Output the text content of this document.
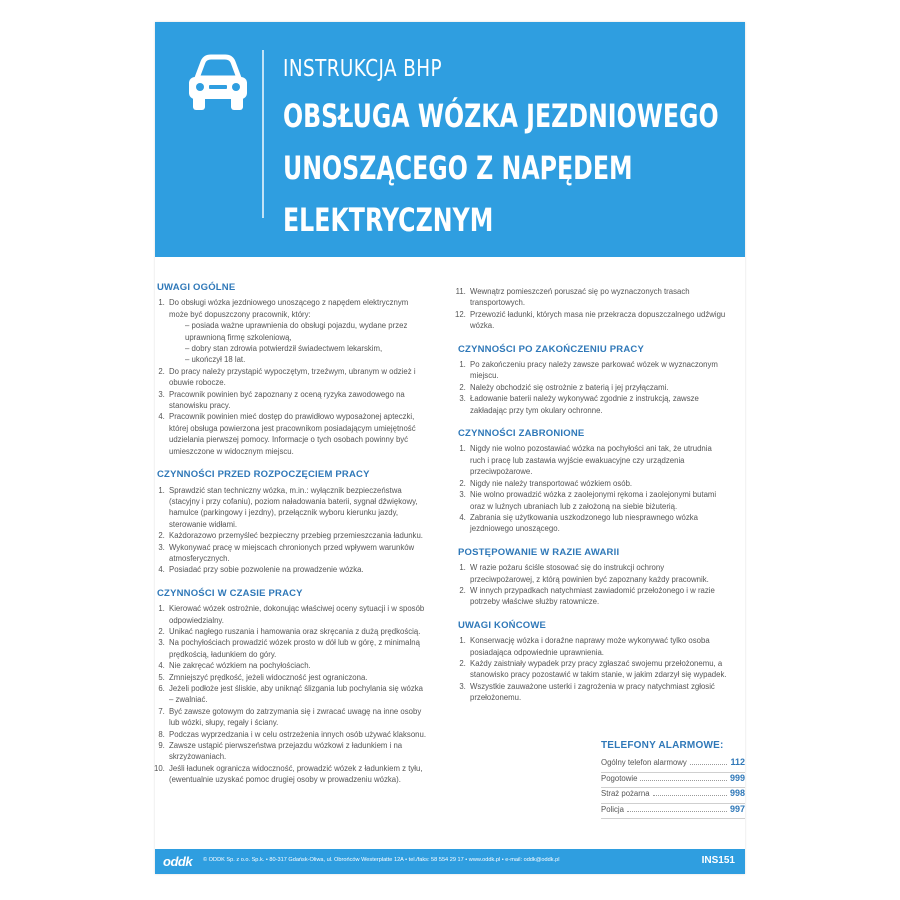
INSTRUKCJA BHP
OBSŁUGA WÓZKA JEZDNIOWEGO
UNOSZĄCEGO Z NAPĘDEM
ELEKTRYCZNYM
UWAGI OGÓLNE
1. Do obsługi wózka jezdniowego unoszącego z napędem elektrycznym może być dopuszczony pracownik, który:
– posiada ważne uprawnienia do obsługi pojazdu, wydane przez uprawnioną firmę szkoleniową,
– dobry stan zdrowia potwierdził świadectwem lekarskim,
– ukończył 18 lat.
2. Do pracy należy przystąpić wypoczętym, trzeźwym, ubranym w odzież i obuwie robocze.
3. Pracownik powinien być zapoznany z oceną ryzyka zawodowego na stanowisku pracy.
4. Pracownik powinien mieć dostęp do prawidłowo wyposażonej apteczki, której obsługa powierzona jest pracownikom posiadającym umiejętność udzielania pierwszej pomocy. Informacje o tych osobach powinny być umieszczone w widocznym miejscu.
CZYNNOŚCI PRZED ROZPOCZĘCIEM PRACY
1. Sprawdzić stan techniczny wózka, m.in.: wyłącznik bezpieczeństwa (stacyjny i przy cofaniu), poziom naładowania baterii, sygnał dźwiękowy, hamulce (parkingowy i jezdny), przełącznik wyboru kierunku jazdy, sterowanie widłami.
2. Każdorazowo przemyśleć bezpieczny przebieg przemieszczania ładunku.
3. Wykonywać pracę w miejscach chronionych przed wpływem warunków atmosferycznych.
4. Posiadać przy sobie pozwolenie na prowadzenie wózka.
CZYNNOŚCI W CZASIE PRACY
1. Kierować wózek ostrożnie, dokonując właściwej oceny sytuacji i w sposób odpowiedzialny.
2. Unikać nagłego ruszania i hamowania oraz skręcania z dużą prędkością.
3. Na pochyłościach prowadzić wózek prosto w dół lub w górę, z minimalną prędkością, ładunkiem do góry.
4. Nie zakręcać wózkiem na pochyłościach.
5. Zmniejszyć prędkość, jeżeli widoczność jest ograniczona.
6. Jeżeli podłoże jest śliskie, aby uniknąć ślizgania lub pochylania się wózka – zwalniać.
7. Być zawsze gotowym do zatrzymania się i zwracać uwagę na inne osoby lub wózki, słupy, regały i ściany.
8. Podczas wyprzedzania i w celu ostrzeżenia innych osób używać klaksonu.
9. Zawsze ustąpić pierwszeństwa przejazdu wózkowi z ładunkiem i na skrzyżowaniach.
10. Jeśli ładunek ogranicza widoczność, prowadzić wózek z ładunkiem z tyłu, (ewentualnie uzyskać pomoc drugiej osoby w prowadzeniu wózka).
11. Wewnątrz pomieszczeń poruszać się po wyznaczonych trasach transportowych.
12. Przewozić ładunki, których masa nie przekracza dopuszczalnego udźwigu wózka.
CZYNNOŚCI PO ZAKOŃCZENIU PRACY
1. Po zakończeniu pracy należy zawsze parkować wózek w wyznaczonym miejscu.
2. Należy obchodzić się ostrożnie z baterią i jej przyłączami.
3. Ładowanie baterii należy wykonywać zgodnie z instrukcją, zawsze zakładając przy tym okulary ochronne.
CZYNNOŚCI ZABRONIONE
1. Nigdy nie wolno pozostawiać wózka na pochyłości ani tak, że utrudnia ruch i pracę lub zastawia wyjście ewakuacyjne czy urządzenia przeciwpożarowe.
2. Nigdy nie należy transportować wózkiem osób.
3. Nie wolno prowadzić wózka z zaolejonymi rękoma i zaolejonymi butami oraz w luźnych ubraniach lub z założoną na siebie biżuterią.
4. Zabrania się użytkowania uszkodzonego lub niesprawnego wózka jezdniowego unoszącego.
POSTĘPOWANIE W RAZIE AWARII
1. W razie pożaru ściśle stosować się do instrukcji ochrony przeciwpożarowej, z którą powinien być zapoznany każdy pracownik.
2. W innych przypadkach natychmiast zawiadomić przełożonego i w razie potrzeby właściwe służby ratownicze.
UWAGI KOŃCOWE
1. Konserwację wózka i doraźne naprawy może wykonywać tylko osoba posiadająca odpowiednie uprawnienia.
2. Każdy zaistniały wypadek przy pracy zgłaszać swojemu przełożonemu, a stanowisko pracy pozostawić w takim stanie, w jakim zdarzył się wypadek.
3. Wszystkie zauważone usterki i zagrożenia w pracy natychmiast zgłosić przełożonemu.
TELEFONY ALARMOWE:
Ogólny telefon alarmowy	112
Pogotowie	999
Straż pożarna	998
Policja	997
oddk © ODDK Sp. z o.o. Sp.k. • 80-317 Gdańsk-Oliwa, ul. Obrońców Westerplatte 12A • tel./faks: 58 554 29 17 • www.oddk.pl • e-mail: oddk@oddk.pl	INS151
